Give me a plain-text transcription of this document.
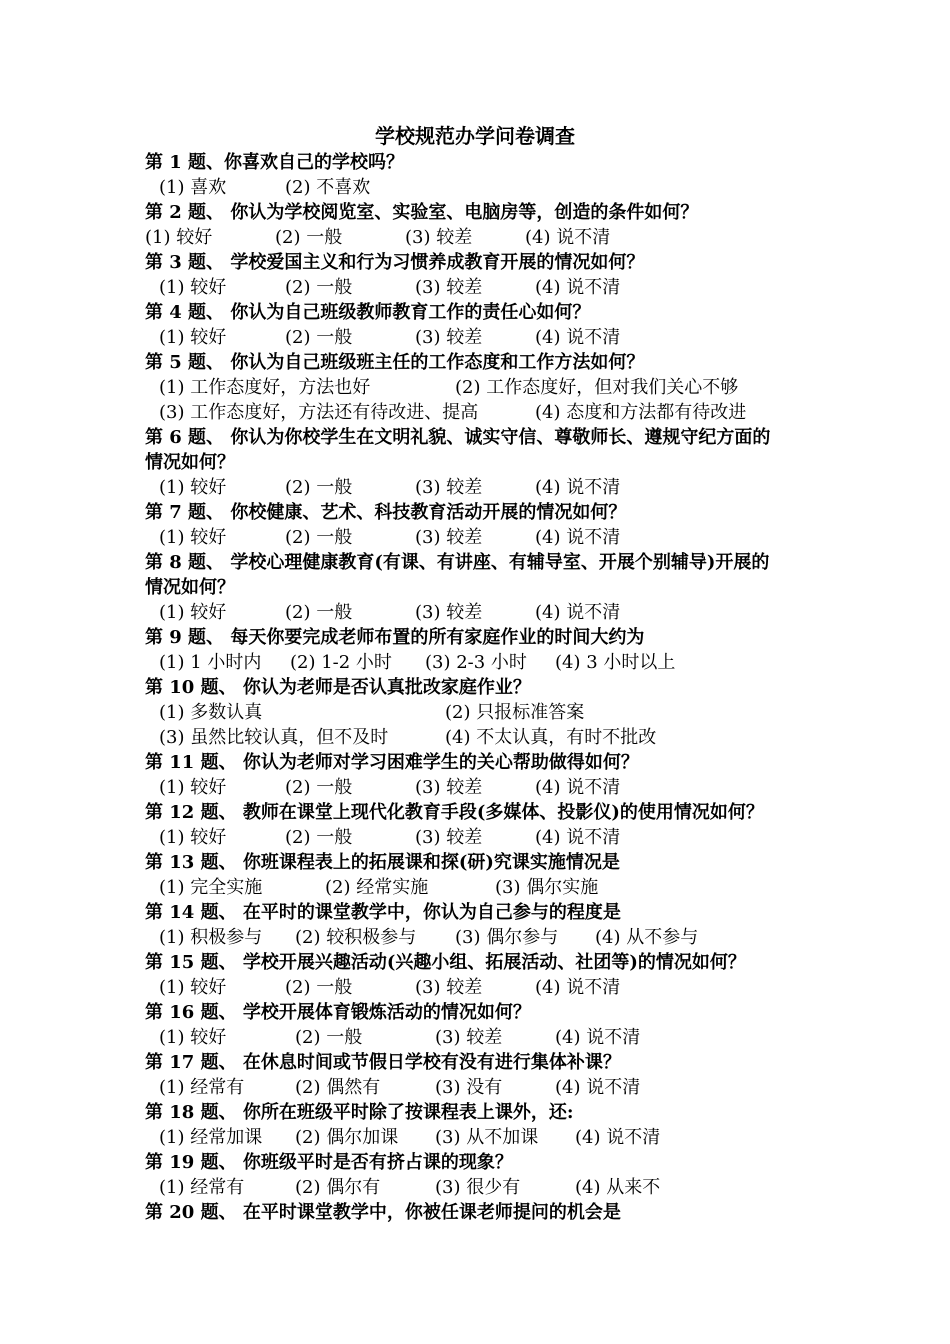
学校规范办学问卷调查
第 1 题、你喜欢自己的学校吗？
(1) 喜欢	(2) 不喜欢
第 2 题、 你认为学校阅览室、实验室、电脑房等，创造的条件如何？
(1) 较好	(2) 一般	(3) 较差	(4) 说不清
第 3 题、 学校爱国主义和行为习惯养成教育开展的情况如何？
(1) 较好	(2) 一般	(3) 较差	(4) 说不清
第 4 题、 你认为自己班级教师教育工作的责任心如何？
(1) 较好	(2) 一般	(3) 较差	(4) 说不清
第 5 题、 你认为自己班级班主任的工作态度和工作方法如何？
(1) 工作态度好，方法也好	(2) 工作态度好，但对我们关心不够
(3) 工作态度好，方法还有待改进、提高	(4) 态度和方法都有待改进
第 6 题、 你认为你校学生在文明礼貌、诚实守信、尊敬师长、遵规守纪方面的
情况如何？
(1) 较好	(2) 一般	(3) 较差	(4) 说不清
第 7 题、 你校健康、艺术、科技教育活动开展的情况如何？
(1) 较好	(2) 一般	(3) 较差	(4) 说不清
第 8 题、 学校心理健康教育(有课、有讲座、有辅导室、开展个别辅导)开展的
情况如何？
(1) 较好	(2) 一般	(3) 较差	(4) 说不清
第 9 题、 每天你要完成老师布置的所有家庭作业的时间大约为
(1) 1 小时内 (2) 1-2 小时 (3) 2-3 小时 (4) 3 小时以上
第 10 题、 你认为老师是否认真批改家庭作业？
(1) 多数认真	(2) 只报标准答案
(3) 虽然比较认真，但不及时	(4) 不太认真，有时不批改
第 11 题、 你认为老师对学习困难学生的关心帮助做得如何？
(1) 较好	(2) 一般	(3) 较差	(4) 说不清
第 12 题、 教师在课堂上现代化教育手段(多媒体、投影仪)的使用情况如何？
(1) 较好	(2) 一般	(3) 较差	(4) 说不清
第 13 题、 你班课程表上的拓展课和探(研)究课实施情况是
(1) 完全实施	(2) 经常实施	(3) 偶尔实施
第 14 题、 在平时的课堂教学中，你认为自己参与的程度是
(1) 积极参与 (2) 较积极参与 (3) 偶尔参与 (4) 从不参与
第 15 题、 学校开展兴趣活动(兴趣小组、拓展活动、社团等)的情况如何？
(1) 较好	(2) 一般	(3) 较差	(4) 说不清
第 16 题、 学校开展体育锻炼活动的情况如何？
(1) 较好	(2) 一般	(3) 较差	(4) 说不清
第 17 题、 在休息时间或节假日学校有没有进行集体补课？
(1) 经常有	(2) 偶然有	(3) 没有	(4) 说不清
第 18 题、 你所在班级平时除了按课程表上课外，还:
(1) 经常加课 (2) 偶尔加课 (3) 从不加课 (4) 说不清
第 19 题、 你班级平时是否有挤占课的现象？
(1) 经常有	(2) 偶尔有	(3) 很少有	(4) 从来不
第 20 题、 在平时课堂教学中，你被任课老师提问的机会是
